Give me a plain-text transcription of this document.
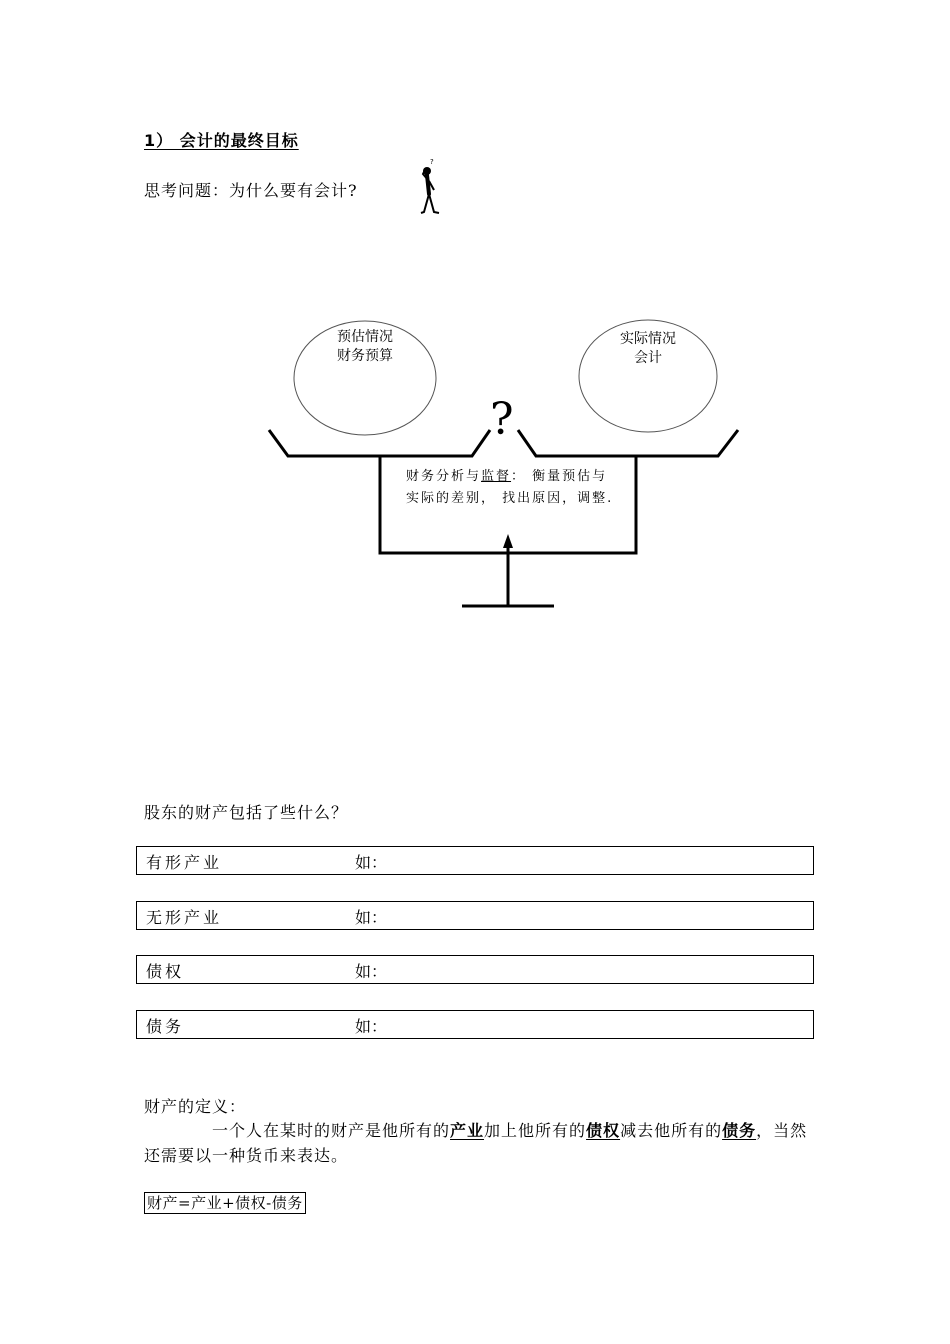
1） 会计的最终目标
思考问题：为什么要有会计?
?
预估情况
财务预算
实际情况
会计
?
财务分析与监督： 衡量预估与实际的差别， 找出原因，调整.
股东的财产包括了些什么？
有形产业	如：
无形产业	如：
债权	如：
债务	如：
财产的定义：
一个人在某时的财产是他所有的产业加上他所有的债权减去他所有的债务，当然还需要以一种货币来表达。
财产=产业+债权-债务
